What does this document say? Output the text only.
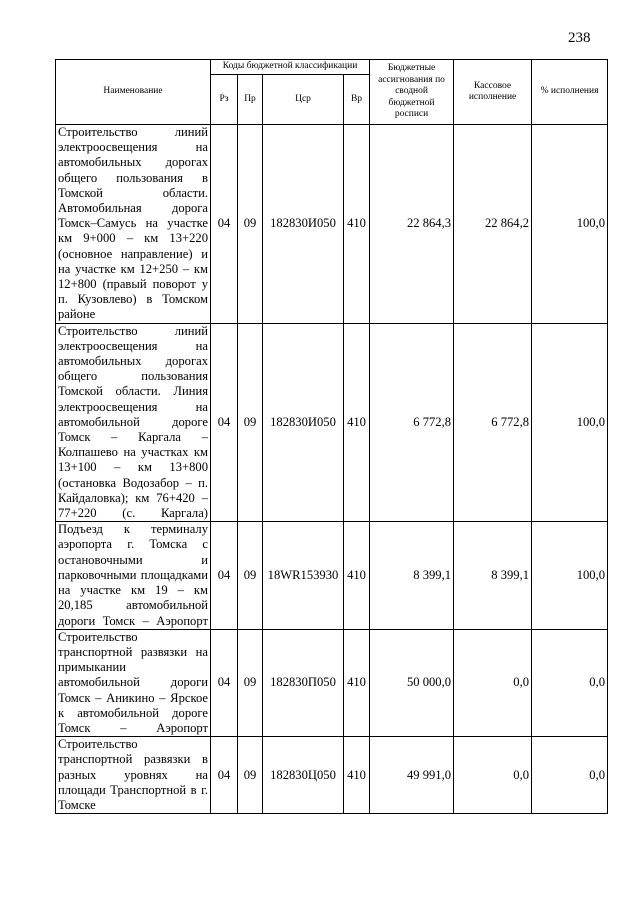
238
Наименование	Коды бюджетной классификации				Бюджетные ассигнования по сводной бюджетной росписи	Кассовое исполнение	% исполнения
	Рз	Пр	Цср	Вр			
Строительство линий электроосвещения на автомобильных дорогах общего пользования в Томской области. Автомобильная дорога Томск–Самусь на участке км 9+000 – км 13+220 (основное направление) и на участке км 12+250 – км 12+800 (правый поворот у п. Кузовлево) в Томском районе	04	09	182830И050	410	22 864,3	22 864,2	100,0
Строительство линий электроосвещения на автомобильных дорогах общего пользования Томской области. Линия электроосвещения на автомобильной дороге Томск – Каргала – Колпашево на участках км 13+100 – км 13+800 (остановка Водозабор – п. Кайдаловка); км 76+420 – 77+220 (с. Каргала)	04	09	182830И050	410	6 772,8	6 772,8	100,0
Подъезд к терминалу аэропорта г. Томска с остановочными и парковочными площадками на участке км 19 – км 20,185 автомобильной дороги Томск – Аэропорт	04	09	18WR153930	410	8 399,1	8 399,1	100,0
Строительство транспортной развязки на примыкании автомобильной дороги Томск – Аникино – Ярское к автомобильной дороге Томск – Аэропорт	04	09	182830П050	410	50 000,0	0,0	0,0
Строительство транспортной развязки в разных уровнях на площади Транспортной в г. Томске	04	09	182830Ц050	410	49 991,0	0,0	0,0
